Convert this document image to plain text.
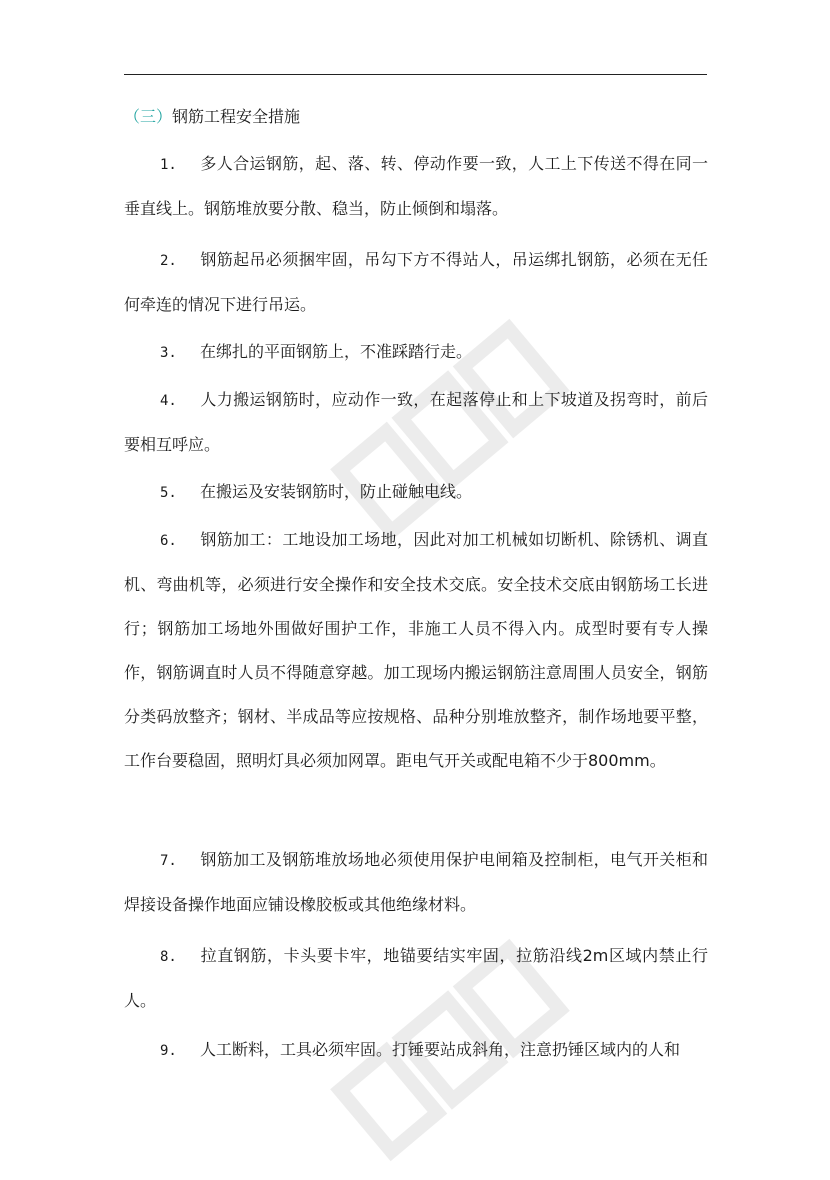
（三）钢筋工程安全措施
1. 多人合运钢筋，起、落、转、停动作要一致，人工上下传送不得在同一垂直线上。钢筋堆放要分散、稳当，防止倾倒和塌落。
2. 钢筋起吊必须捆牢固，吊勾下方不得站人，吊运绑扎钢筋，必须在无任何牵连的情况下进行吊运。
3. 在绑扎的平面钢筋上，不准踩踏行走。
4. 人力搬运钢筋时，应动作一致，在起落停止和上下坡道及拐弯时，前后要相互呼应。
5. 在搬运及安装钢筋时，防止碰触电线。
6. 钢筋加工：工地设加工场地，因此对加工机械如切断机、除锈机、调直机、弯曲机等，必须进行安全操作和安全技术交底。安全技术交底由钢筋场工长进行；钢筋加工场地外围做好围护工作，非施工人员不得入内。成型时要有专人操作，钢筋调直时人员不得随意穿越。加工现场内搬运钢筋注意周围人员安全，钢筋分类码放整齐；钢材、半成品等应按规格、品种分别堆放整齐，制作场地要平整，工作台要稳固，照明灯具必须加网罩。距电气开关或配电箱不少于800mm。
7. 钢筋加工及钢筋堆放场地必须使用保护电闸箱及控制柜，电气开关柜和焊接设备操作地面应铺设橡胶板或其他绝缘材料。
8. 拉直钢筋，卡头要卡牢，地锚要结实牢固，拉筋沿线2m区域内禁止行人。
9. 人工断料，工具必须牢固。打锤要站成斜角，注意扔锤区域内的人和
